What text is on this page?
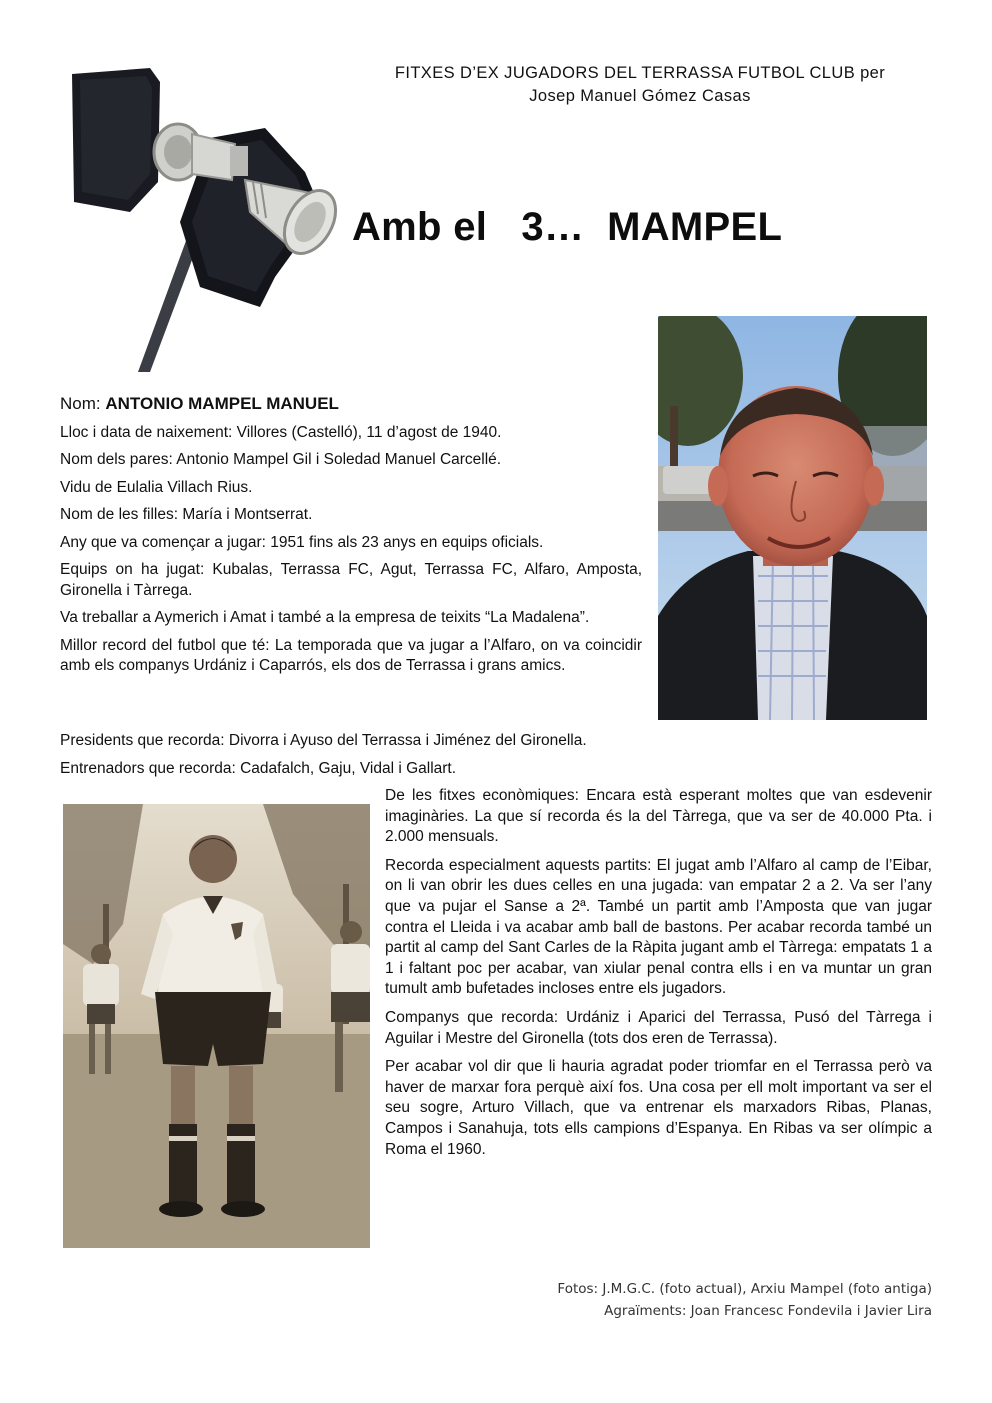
FITXES D’EX JUGADORS DEL TERRASSA FUTBOL CLUB per
Josep Manuel Gómez Casas
Amb el   3…  MAMPEL

Nom: ANTONIO MAMPEL MANUEL

Lloc i data de naixement: Villores (Castelló), 11 d’agost de 1940.

Nom dels pares: Antonio Mampel Gil i Soledad Manuel Carcellé.

Vidu de Eulalia Villach Rius.

Nom de les filles: María i Montserrat.

Any que va començar a jugar: 1951 fins als 23 anys en equips oficials.

Equips on ha jugat: Kubalas, Terrassa FC, Agut, Terrassa FC, Alfaro, Amposta, Gironella i Tàrrega.

Va treballar a Aymerich i Amat i també a la empresa de teixits “La Madalena”.

Millor record del futbol que té: La temporada que va jugar a l’Alfaro, on va coincidir amb els companys Urdániz i Caparrós, els dos de Terrassa i grans amics.

Presidents que recorda: Divorra i Ayuso del Terrassa i Jiménez del Gironella.

Entrenadors que recorda: Cadafalch, Gaju, Vidal i Gallart.

De les fitxes econòmiques: Encara està esperant moltes que van esdevenir imaginàries. La que sí recorda és la del Tàrrega, que va ser de 40.000 Pta. i 2.000 mensuals.

Recorda especialment aquests partits: El jugat amb l’Alfaro al camp de l’Eibar, on li van obrir les dues celles en una jugada: van empatar 2 a 2. Va ser l’any que va pujar el Sanse a 2ª. També un partit amb l’Amposta que van jugar contra el Lleida i va acabar amb ball de bastons. Per acabar recorda també un partit al camp del Sant Carles de la Ràpita jugant amb el Tàrrega: empatats 1 a 1 i faltant poc per acabar, van xiular penal contra ells i en va muntar un gran tumult amb bufetades incloses entre els jugadors.

Companys que recorda: Urdániz i Aparici del Terrassa, Pusó del Tàrrega i Aguilar i Mestre del Gironella (tots dos eren de Terrassa).

Per acabar vol dir que li hauria agradat poder triomfar en el Terrassa però va haver de marxar fora perquè així fos. Una cosa per ell molt important va ser el seu sogre, Arturo Villach, que va entrenar els marxadors Ribas, Planas, Campos i Sanahuja, tots ells campions d’Espanya. En Ribas va ser olímpic a Roma el 1960.

Fotos: J.M.G.C. (foto actual), Arxiu Mampel (foto antiga)
Agraïments: Joan Francesc Fondevila i Javier Lira
